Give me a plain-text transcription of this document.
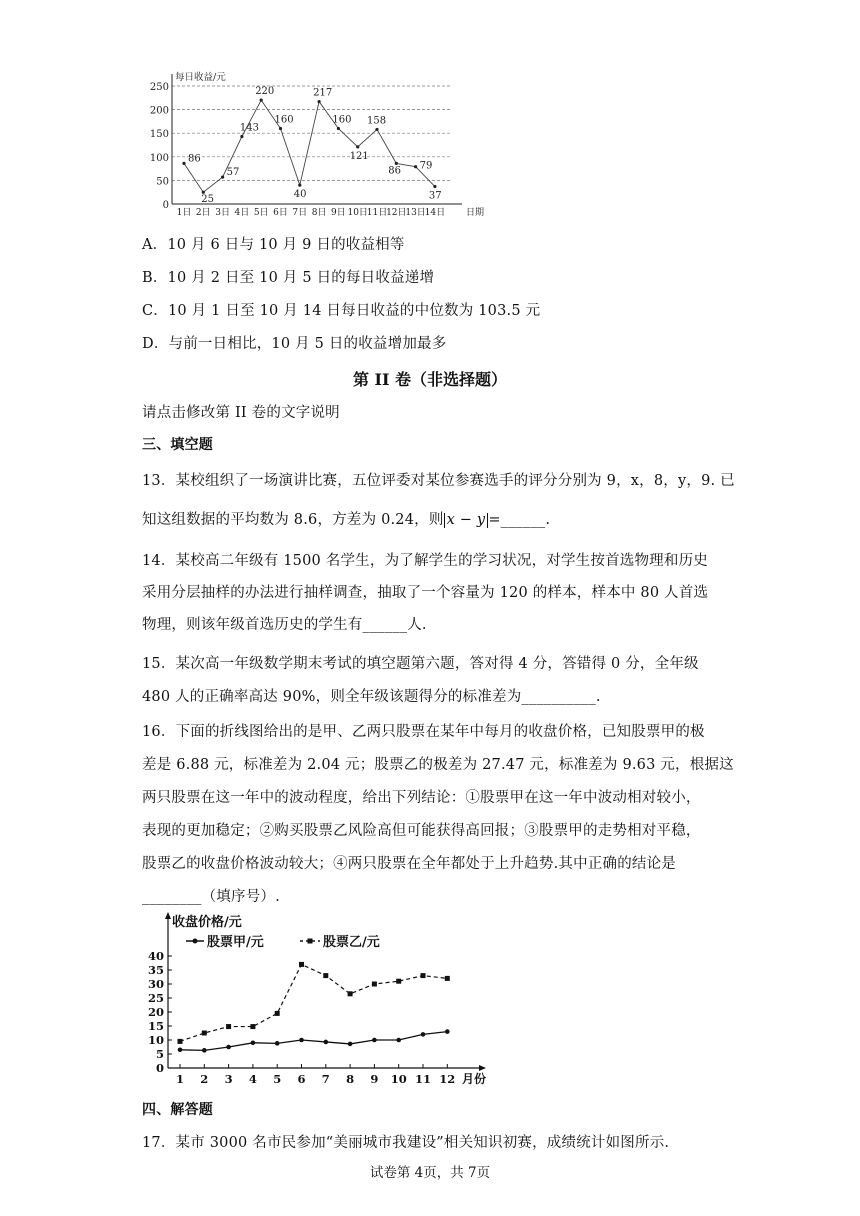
0
50
100
150
200
250
每日收益/元
日期
1日 2日 3日 4日 5日 6日 7日 8日 9日 10日
11日
12日
13日
14日
86
25
57
143
220
160
40
217
160
121
158
86 79
37
A．10 月 6 日与 10 月 9 日的收益相等
B．10 月 2 日至 10 月 5 日的每日收益递增
C．10 月 1 日至 10 月 14 日每日收益的中位数为 103.5 元
D．与前一日相比，10 月 5 日的收益增加最多
第 II 卷（非选择题）
请点击修改第 II 卷的文字说明
三、填空题
13．某校组织了一场演讲比赛，五位评委对某位参赛选手的评分分别为 9，x，8，y，9. 已
知这组数据的平均数为 8.6，方差为 0.24，则 x − y =______.
14．某校高二年级有 1500 名学生，为了解学生的学习状况，对学生按首选物理和历史
采用分层抽样的办法进行抽样调查，抽取了一个容量为 120 的样本，样本中 80 人首选
物理，则该年级首选历史的学生有______人.
15．某次高一年级数学期末考试的填空题第六题，答对得 4 分，答错得 0 分，全年级
480 人的正确率高达 90%，则全年级该题得分的标准差为__________.
16．下面的折线图给出的是甲、乙两只股票在某年中每月的收盘价格，已知股票甲的极
差是 6.88 元，标准差为 2.04 元；股票乙的极差为 27.47 元，标准差为 9.63 元，根据这
两只股票在这一年中的波动程度，给出下列结论：①股票甲在这一年中波动相对较小，
表现的更加稳定；②购买股票乙风险高但可能获得高回报；③股票甲的走势相对平稳，
股票乙的收盘价格波动较大；④两只股票在全年都处于上升趋势.其中正确的结论是
________（填序号）.
收盘价格/元
月份
0
5
10
15
20
25
30
35
40
1 2 3 4 5 6 7 8 9 10 11 12
股票甲/元	股票乙/元
四、解答题
17．某市 3000 名市民参加“美丽城市我建设”相关知识初赛，成绩统计如图所示.
试卷第 4页，共 7页
